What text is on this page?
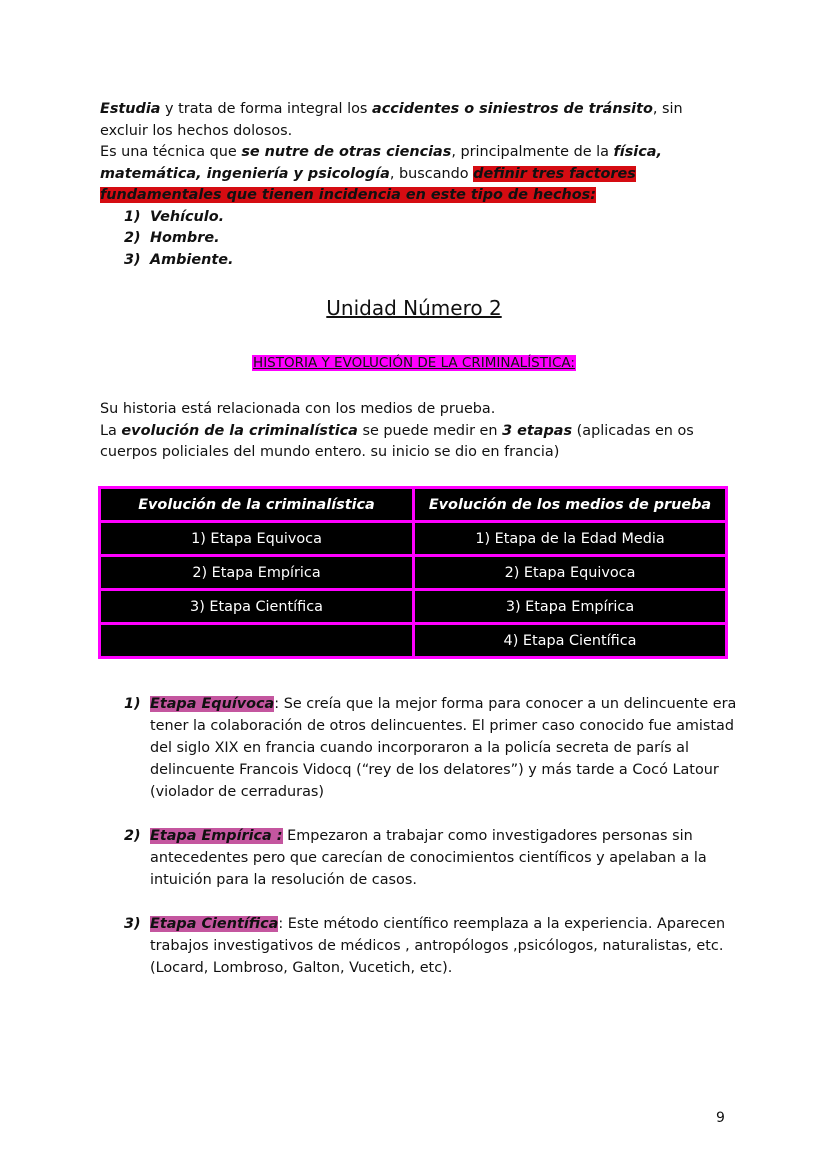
Estudia y trata de forma integral los accidentes o siniestros de tránsito, sin excluir los hechos dolosos.
Es una técnica que se nutre de otras ciencias, principalmente de la física, matemática, ingeniería y psicología, buscando definir tres factores fundamentales que tienen incidencia en este tipo de hechos:
1) Vehículo.
2) Hombre.
3) Ambiente.
Unidad Número 2
HISTORIA Y EVOLUCIÓN DE LA CRIMINALÍSTICA:
Su historia está relacionada con los medios de prueba.
La evolución de la criminalística se puede medir en 3 etapas (aplicadas en os cuerpos policiales del mundo entero. su inicio se dio en francia)
Evolución de la criminalística	Evolución de los medios de prueba
1) Etapa Equivoca	1) Etapa de la Edad Media
2) Etapa Empírica	2) Etapa Equivoca
3) Etapa Científica	3) Etapa Empírica
	4) Etapa Científica
1) Etapa Equívoca: Se creía que la mejor forma para conocer a un delincuente era tener la colaboración de otros delincuentes. El primer caso conocido fue amistad del siglo XIX en francia cuando incorporaron a la policía secreta de parís al delincuente Francois Vidocq (“rey de los delatores”) y más tarde a Cocó Latour (violador de cerraduras)
2) Etapa Empírica : Empezaron a trabajar como investigadores personas sin antecedentes pero que carecían de conocimientos científicos y apelaban a la intuición para la resolución de casos.
3) Etapa Científica: Este método científico reemplaza a la experiencia. Aparecen trabajos investigativos de médicos , antropólogos ,psicólogos, naturalistas, etc. (Locard, Lombroso, Galton, Vucetich, etc).
9
